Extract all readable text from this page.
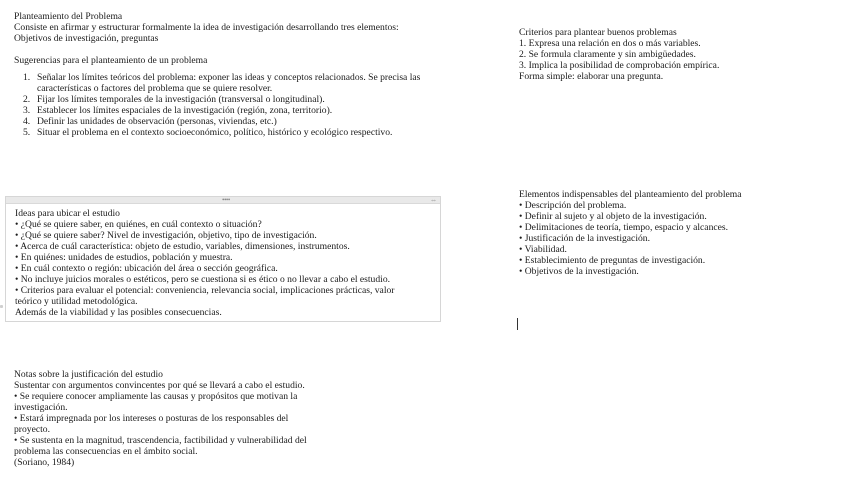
Planteamiento del Problema
Consiste en afirmar y estructurar formalmente la idea de investigación desarrollando tres elementos:
Objetivos de investigación, preguntas

Sugerencias para el planteamiento de un problema
1. Señalar los límites teóricos del problema: exponer las ideas y conceptos relacionados. Se precisa las
características o factores del problema que se quiere resolver.
2. Fijar los límites temporales de la investigación (transversal o longitudinal).
3. Establecer los límites espaciales de la investigación (región, zona, territorio).
4. Definir las unidades de observación (personas, viviendas, etc.)
5. Situar el problema en el contexto socioeconómico, político, histórico y ecológico respectivo.
Criterios para plantear buenos problemas
1. Expresa una relación en dos o más variables.
2. Se formula claramente y sin ambigüedades.
3. Implica la posibilidad de comprobación empírica.
Forma simple: elaborar una pregunta.
••••	⇔
Ideas para ubicar el estudio
• ¿Qué se quiere saber, en quiénes, en cuál contexto o situación?
• ¿Qué se quiere saber? Nivel de investigación, objetivo, tipo de investigación.
• Acerca de cuál característica: objeto de estudio, variables, dimensiones, instrumentos.
• En quiénes: unidades de estudios, población y muestra.
• En cuál contexto o región: ubicación del área o sección geográfica.
• No incluye juicios morales o estéticos, pero se cuestiona si es ético o no llevar a cabo el estudio.
• Criterios para evaluar el potencial: conveniencia, relevancia social, implicaciones prácticas, valor
teórico y utilidad metodológica.
Además de la viabilidad y las posibles consecuencias.
Elementos indispensables del planteamiento del problema
• Descripción del problema.
• Definir al sujeto y al objeto de la investigación.
• Delimitaciones de teoría, tiempo, espacio y alcances.
• Justificación de la investigación.
• Viabilidad.
• Establecimiento de preguntas de investigación.
• Objetivos de la investigación.
Notas sobre la justificación del estudio
Sustentar con argumentos convincentes por qué se llevará a cabo el estudio.
• Se requiere conocer ampliamente las causas y propósitos que motivan la
investigación.
• Estará impregnada por los intereses o posturas de los responsables del
proyecto.
• Se sustenta en la magnitud, trascendencia, factibilidad y vulnerabilidad del
problema las consecuencias en el ámbito social.
(Soriano, 1984)
